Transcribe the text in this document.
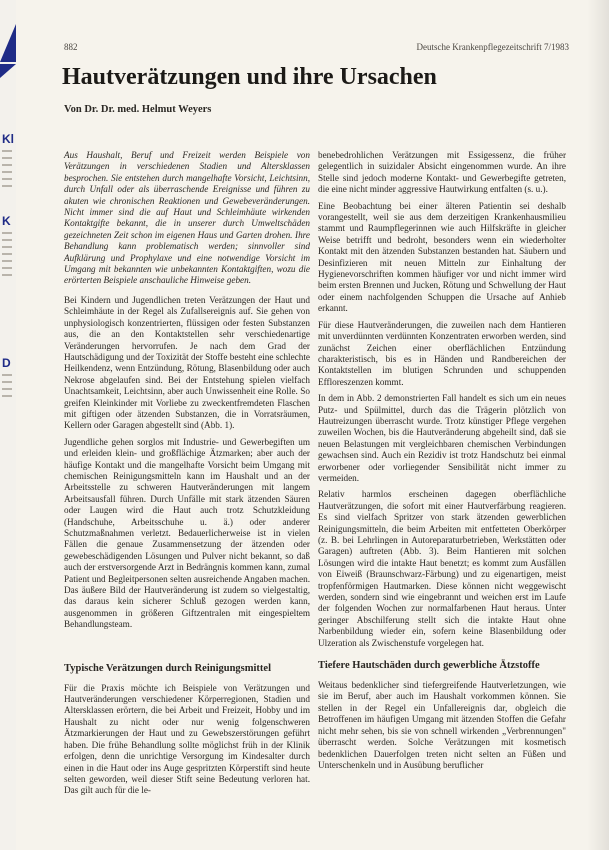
Kl
K
D
882	Deutsche Krankenpflegezeitschrift 7/1983
Hautverätzungen und ihre Ursachen

Von Dr. Dr. med. Helmut Weyers

Aus Haushalt, Beruf und Freizeit werden Beispiele von Verätzungen in verschiedenen Stadien und Altersklassen besprochen. Sie entstehen durch mangelhafte Vorsicht, Leichtsinn, durch Unfall oder als überraschende Ereignisse und führen zu akuten wie chronischen Reaktionen und Gewebeveränderungen. Nicht immer sind die auf Haut und Schleimhäute wirkenden Kontaktgifte bekannt, die in unserer durch Umweltschäden gezeichneten Zeit schon im eigenen Haus und Garten drohen. Ihre Behandlung kann problematisch werden; sinnvoller sind Aufklärung und Prophylaxe und eine notwendige Vorsicht im Umgang mit bekannten wie unbekannten Kontaktgiften, wozu die erörterten Beispiele anschauliche Hinweise geben.

Bei Kindern und Jugendlichen treten Verätzungen der Haut und Schleimhäute in der Regel als Zufallsereignis auf. Sie gehen von unphysiologisch konzentrierten, flüssigen oder festen Substanzen aus, die an den Kontaktstellen sehr verschiedenartige Veränderungen hervorrufen. Je nach dem Grad der Hautschädigung und der Toxizität der Stoffe besteht eine schlechte Heilkendenz, wenn Entzündung, Rötung, Blasenbildung oder auch Nekrose abgelaufen sind. Bei der Entstehung spielen vielfach Unachtsamkeit, Leichtsinn, aber auch Unwissenheit eine Rolle. So greifen Kleinkinder mit Vorliebe zu zweckentfremdeten Flaschen mit giftigen oder ätzenden Substanzen, die in Vorratsräumen, Kellern oder Garagen abgestellt sind (Abb. 1).

Jugendliche gehen sorglos mit Industrie- und Gewerbegiften um und erleiden klein- und großflächige Ätzmarken; aber auch der häufige Kontakt und die mangelhafte Vorsicht beim Umgang mit chemischen Reinigungsmitteln kann im Haushalt und an der Arbeitsstelle zu schweren Hautveränderungen mit langem Arbeitsausfall führen. Durch Unfälle mit stark ätzenden Säuren oder Laugen wird die Haut auch trotz Schutzkleidung (Handschuhe, Arbeitsschuhe u. ä.) oder anderer Schutzmaßnahmen verletzt. Bedauerlicherweise ist in vielen Fällen die genaue Zusammensetzung der ätzenden oder gewebeschädigenden Lösungen und Pulver nicht bekannt, so daß auch der erstversorgende Arzt in Bedrängnis kommen kann, zumal Patient und Begleitpersonen selten ausreichende Angaben machen. Das äußere Bild der Hautveränderung ist zudem so vielgestaltig, das daraus kein sicherer Schluß gezogen werden kann, ausgenommen in größeren Giftzentralen mit eingespieltem Behandlungsteam.

Typische Verätzungen durch Reinigungsmittel

Für die Praxis möchte ich Beispiele von Verätzungen und Hautveränderungen verschiedener Körperregionen, Stadien und Altersklassen erörtern, die bei Arbeit und Freizeit, Hobby und im Haushalt zu nicht oder nur wenig folgenschweren Ätzmarkierungen der Haut und zu Gewebszerstörungen geführt haben. Die frühe Behandlung sollte möglichst früh in der Klinik erfolgen, denn die unrichtige Versorgung im Kindesalter durch einen in die Haut oder ins Auge gespritzten Körperstift sind heute selten geworden, weil dieser Stift seine Bedeutung verloren hat. Das gilt auch für die le-

benebedrohlichen Verätzungen mit Essigessenz, die früher gelegentlich in suizidaler Absicht eingenommen wurde. An ihre Stelle sind jedoch moderne Kontakt- und Gewerbegifte getreten, die eine nicht minder aggressive Hautwirkung entfalten (s. u.).

Eine Beobachtung bei einer älteren Patientin sei deshalb vorangestellt, weil sie aus dem derzeitigen Krankenhausmilieu stammt und Raumpflegerinnen wie auch Hilfskräfte in gleicher Weise betrifft und bedroht, besonders wenn ein wiederholter Kontakt mit den ätzenden Substanzen bestanden hat. Säubern und Desinfizieren mit neuen Mitteln zur Einhaltung der Hygienevorschriften kommen häufiger vor und nicht immer wird beim ersten Brennen und Jucken, Rötung und Schwellung der Haut oder einem nachfolgenden Schuppen die Ursache auf Anhieb erkannt.

Für diese Hautveränderungen, die zuweilen nach dem Hantieren mit unverdünnten verdünnten Konzentraten erworben werden, sind zunächst Zeichen einer oberflächlichen Entzündung charakteristisch, bis es in Händen und Randbereichen der Kontaktstellen im blutigen Schrunden und schuppenden Effloreszenzen kommt.

In dem in Abb. 2 demonstrierten Fall handelt es sich um ein neues Putz- und Spülmittel, durch das die Trägerin plötzlich von Hautreizungen überrascht wurde. Trotz künstiger Pflege vergehen zuweilen Wochen, bis die Hautveränderung abgeheilt sind, daß sie neuen Belastungen mit vergleichbaren chemischen Verbindungen gewachsen sind. Auch ein Rezidiv ist trotz Handschutz bei einmal erworbener oder vorliegender Sensibilität nicht immer zu vermeiden.

Relativ harmlos erscheinen dagegen oberflächliche Hautverätzungen, die sofort mit einer Hautverfärbung reagieren. Es sind vielfach Spritzer von stark ätzenden gewerblichen Reinigungsmitteln, die beim Arbeiten mit entfetteten Oberkörper (z. B. bei Lehrlingen in Autoreparaturbetrieben, Werkstätten oder Garagen) auftreten (Abb. 3). Beim Hantieren mit solchen Lösungen wird die intakte Haut benetzt; es kommt zum Ausfällen von Eiweiß (Braunschwarz-Färbung) und zu eigenartigen, meist tropfenförmigen Hautmarken. Diese können nicht weggewischt werden, sondern sind wie eingebrannt und weichen erst im Laufe der folgenden Wochen zur normalfarbenen Haut heraus. Unter geringer Abschilferung stellt sich die intakte Haut ohne Narbenbildung wieder ein, sofern keine Blasenbildung oder Ulzeration als Zwischenstufe vorgelegen hat.

Tiefere Hautschäden durch gewerbliche Ätzstoffe

Weitaus bedenklicher sind tiefergreifende Hautverletzungen, wie sie im Beruf, aber auch im Haushalt vorkommen können. Sie stellen in der Regel ein Unfallereignis dar, obgleich die Betroffenen im häufigen Umgang mit ätzenden Stoffen die Gefahr nicht mehr sehen, bis sie von schnell wirkenden „Verbrennungen" überrascht werden. Solche Verätzungen mit kosmetisch bedenklichen Dauerfolgen treten nicht selten an Füßen und Unterschenkeln und in Ausübung beruflicher
